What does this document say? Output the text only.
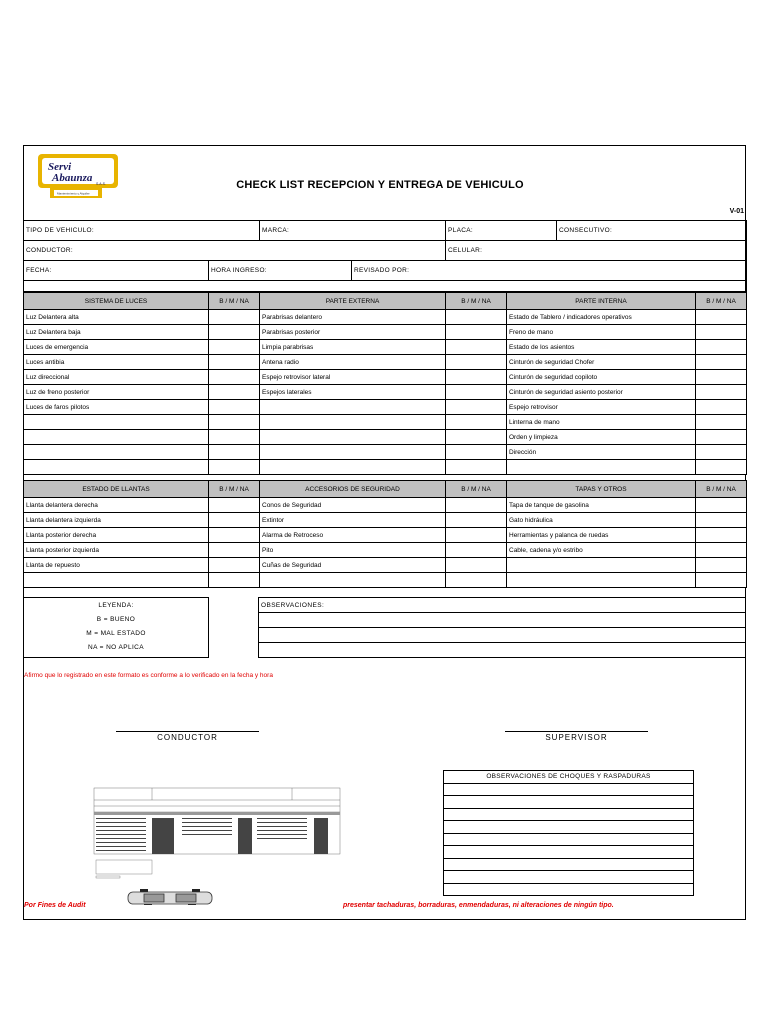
Servi
Abaunza S.A.S.
Mantenimiento y Alquiler
CHECK LIST RECEPCION Y ENTREGA DE VEHICULO
V-01
TIPO DE VEHICULO:	MARCA:	PLACA:	CONSECUTIVO:
CONDUCTOR:		CELULAR:	
FECHA:	HORA INGRESO:	REVISADO POR:

SISTEMA DE LUCES	B / M / NA	PARTE EXTERNA	B / M / NA	PARTE INTERNA	B / M / NA
Luz Delantera alta		Parabrisas delantero		Estado de Tablero / indicadores operativos	
Luz Delantera baja		Parabrisas posterior		Freno de mano	
Luces de emergencia		Limpia parabrisas		Estado de los asientos	
Luces antibia		Antena radio		Cinturón de seguridad Chofer	
Luz direccional		Espejo retrovisor lateral		Cinturón de seguridad copiloto	
Luz de freno posterior		Espejos laterales		Cinturón de seguridad asiento posterior	
Luces de faros pilotos				Espejo retrovisor	
				Linterna de mano	
				Orden y limpieza	
				Dirección	

ESTADO DE LLANTAS	B / M / NA	ACCESORIOS DE SEGURIDAD	B / M / NA	TAPAS Y OTROS	B / M / NA
Llanta delantera derecha		Conos de Seguridad		Tapa de tanque de gasolina	
Llanta delantera izquierda		Extintor		Gato hidráulica	
Llanta posterior derecha		Alarma de Retroceso		Herramientas y palanca de ruedas	
Llanta posterior izquierda		Pito		Cable, cadena y/o estribo	
Llanta de repuesto		Cuñas de Seguridad			

LEYENDA:
B = BUENO
M = MAL ESTADO
NA = NO APLICA
OBSERVACIONES:

Afirmo que lo registrado en este formato es conforme a lo verificado en la fecha y hora
CONDUCTOR	SUPERVISOR
OBSERVACIONES DE CHOQUES Y RASPADURAS

Por Fines de Audit	presentar tachaduras, borraduras, enmendaduras, ni alteraciones de ningún tipo.
